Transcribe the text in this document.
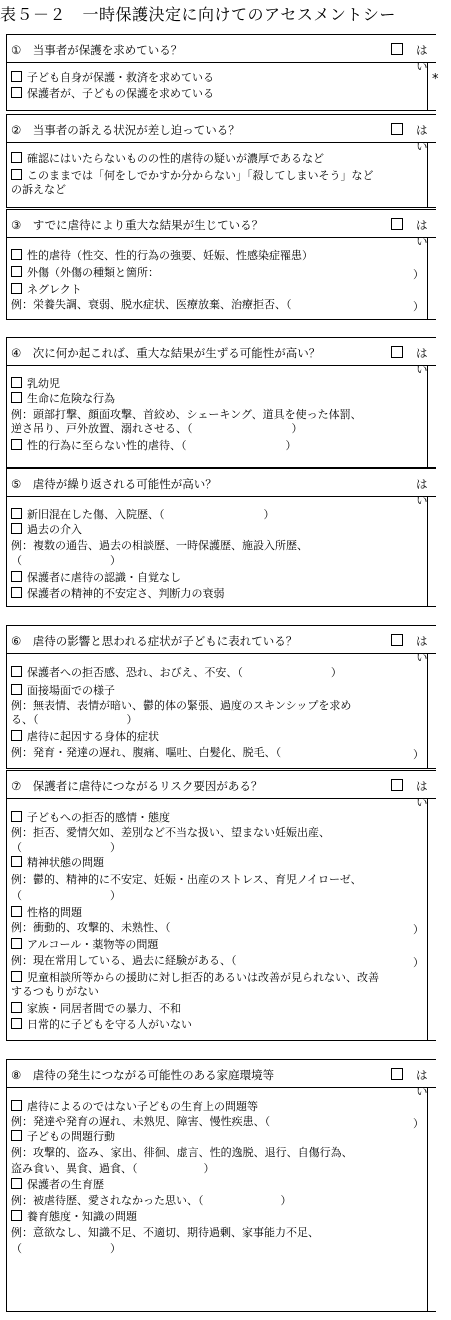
表５－２　一時保護決定に向けてのアセスメントシー
*
①　当事者が保護を求めている？	はい
子ども自身が保護・救済を求めている
保護者が、子どもの保護を求めている
②　当事者の訴える状況が差し迫っている？	はい
確認にはいたらないものの性的虐待の疑いが濃厚であるなど
このままでは「何をしでかすか分からない」「殺してしまいそう」など
の訴えなど
③　すでに虐待により重大な結果が生じている？	はい
性的虐待（性交、性的行為の強要、妊娠、性感染症罹患）
外傷（外傷の種類と箇所：	）
ネグレクト
例：栄養失調、衰弱、脱水症状、医療放棄、治療拒否、（	）
④　次に何か起これば、重大な結果が生ずる可能性が高い？	はい
乳幼児
生命に危険な行為
例：頭部打撃、顔面攻撃、首絞め、シェーキング、道具を使った体罰、
逆さ吊り、戸外放置、溺れさせる、（　　　　　　　　　）
性的行為に至らない性的虐待、（　　　　　　　　　）
⑤　虐待が繰り返される可能性が高い？	はい
新旧混在した傷、入院歴、（　　　　　　　　　）
過去の介入
例：複数の通告、過去の相談歴、一時保護歴、施設入所歴、
（　　　　　　　　）
保護者に虐待の認識・自覚なし
保護者の精神的不安定さ、判断力の衰弱
⑥　虐待の影響と思われる症状が子どもに表れている？	はい
保護者への拒否感、恐れ、おびえ、不安、（　　　　　　　　）
面接場面での様子
例：無表情、表情が暗い、鬱的体の緊張、過度のスキンシップを求め
る、（　　　　　　　　）
虐待に起因する身体的症状
例：発育・発達の遅れ、腹痛、嘔吐、白髪化、脱毛、（	）
⑦　保護者に虐待につながるリスク要因がある？	はい
子どもへの拒否的感情・態度
例：拒否、愛情欠如、差別など不当な扱い、望まない妊娠出産、
（　　　　　　　　）
精神状態の問題
例：鬱的、精神的に不安定、妊娠・出産のストレス、育児ノイローゼ、
（　　　　　　　　）
性格的問題
例：衝動的、攻撃的、未熟性、（	）
アルコール・薬物等の問題
例：現在常用している、過去に経験がある、（	）
児童相談所等からの援助に対し拒否的あるいは改善が見られない、改善
するつもりがない
家族・同居者間での暴力、不和
日常的に子どもを守る人がいない
⑧　虐待の発生につながる可能性のある家庭環境等	はい
虐待によるのではない子どもの生育上の問題等
例：発達や発育の遅れ、未熟児、障害、慢性疾患、（	）
子どもの問題行動
例：攻撃的、盗み、家出、徘徊、虚言、性的逸脱、退行、自傷行為、
盗み食い、異食、過食、（　　　　　　）
保護者の生育歴
例：被虐待歴、愛されなかった思い、（　　　　　　　）
養育態度・知識の問題
例：意欲なし、知識不足、不適切、期待過剰、家事能力不足、
（　　　　　　　　）
